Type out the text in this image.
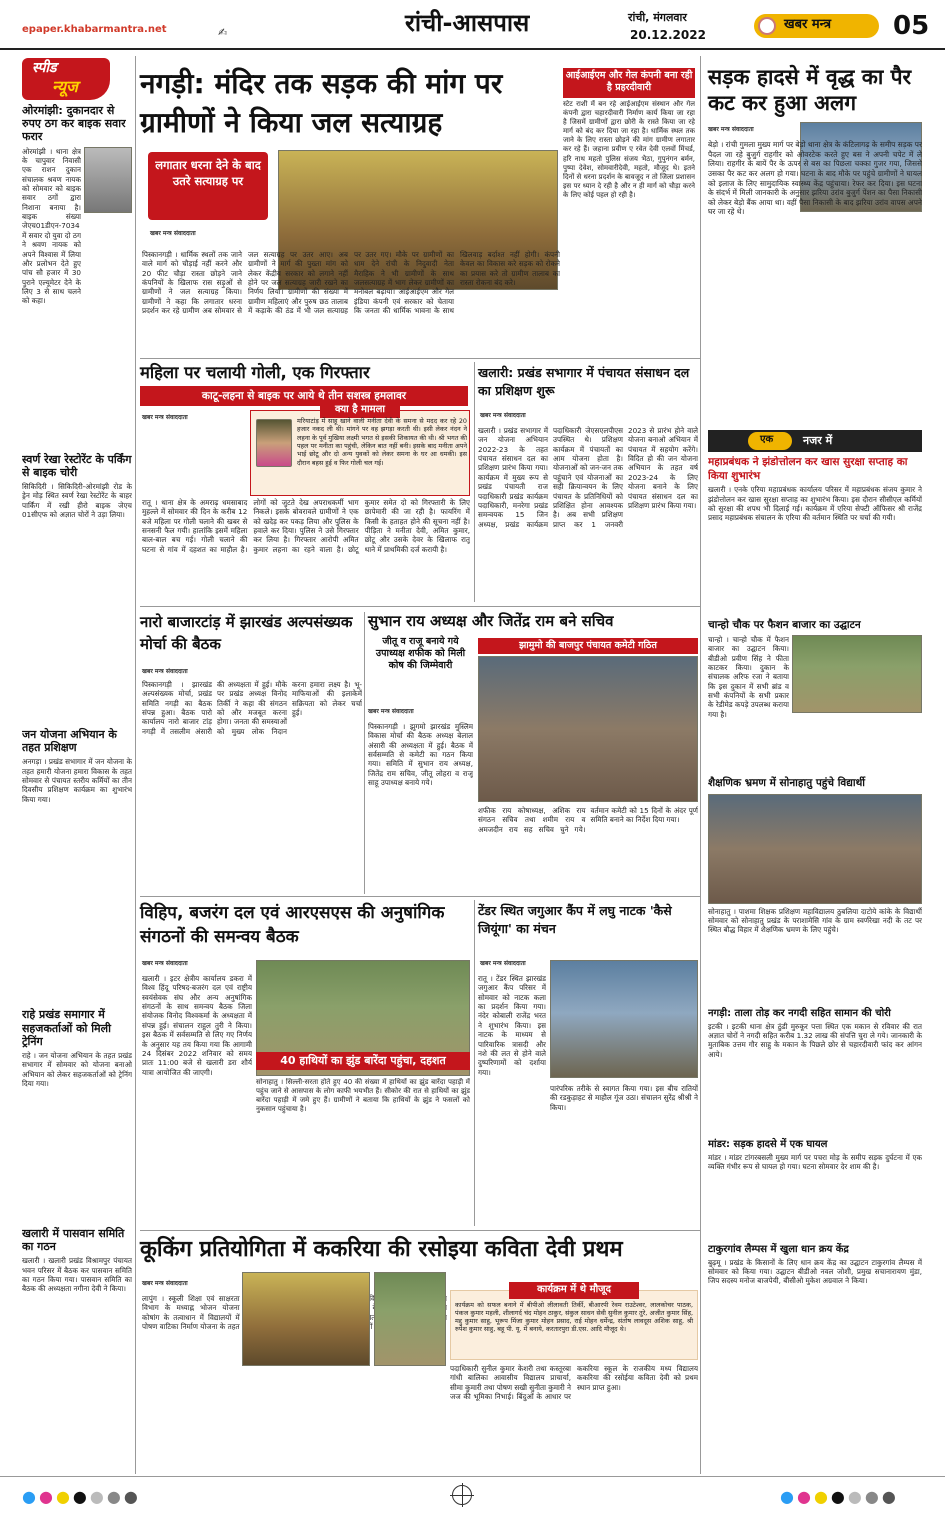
epaper.khabarmantra.net	✍	रांची-आसपास	रांची, मंगलवार
20.12.2022
खबर मन्त्र 05
स्पीड
न्यूज
ओरमांझी: दुकानदार से रुपए ठग कर बाइक सवार फरार
ओरमांझी । थाना क्षेत्र के चापुवार निवासी एक राशन दुकान संचालक श्रवण नायक को सोमवार को बाइक सवार ठगों द्वारा निशाना बनाया है। बाइक संख्या जेएच01डीएन-7034 में सवार दो युवा दो ठग ने श्रवण नायक को अपने विश्वास में लिया और प्रलोभन देते हुए पांच सौ हजार में 30 पुराने एल्यूमेटर देने के लिए 3 से साथ चलने को कहा।
स्वर्ण रेखा रेस्टोरेंट के पर्किंग से बाइक चोरी
सिकिदिरी । सिकिदिरी-ओरमांझी रोड के ड्रेन मोड़ स्थित स्वर्ण रेखा रेस्टोरेंट के बाहर पार्किंग में रखी हीरो बाइक जेएच 01सीएफ को अज्ञात चोरों ने उड़ा लिया।
जन योजना अभियान के तहत प्रशिक्षण
अनगड़ा । प्रखंड सभागार में जन योजना के तहत हमारी योजना हमारा विकास के तहत सोमवार से पंचायत स्तरीय कर्मियों का तीन दिवसीय प्रशिक्षण कार्यक्रम का शुभारंभ किया गया।
राहे प्रखंड समागार में सहजकर्ताओं को मिली ट्रेनिंग
राहे । जन योजना अभियान के तहत प्रखंड सभागार में सोमवार को योजना बनाओ अभियान को लेकर सहजकर्ताओं को ट्रेनिंग दिया गया।
खलारी में पासवान समिति का गठन
खलारी । खलारी प्रखंड विश्रामपुर पंचायत भवन परिसर में बैठक कर पासवान समिति का गठन किया गया। पासवान समिति का बैठक की अध्यक्षता नगीना देवी ने किया।
नगड़ी: मंदिर तक सड़क की मांग पर ग्रामीणों ने किया जल सत्याग्रह
लगातार धरना देने के बाद उतरे सत्याग्रह पर
खबर मन्त्र संवाददाता
पिस्कानगड़ी । धार्मिक स्थलों तक जाने वाले मार्ग को चौड़ाई नहीं करने और 20 फीट चौड़ा रास्ता छोड़ने जाने कंपनियों के खिलाफ रास सड़ुओं से ग्रामीणों ने जल सत्याग्रह किया। ग्रामीणों ने कहा कि लगातार धरना प्रदर्शन कर रहे ग्रामीण अब सोमवार से जल सत्याग्रह पर उतर आए। अब ग्रामीणों ने मार्ग की पुख्ता मांग को लेकर केंद्रीय सरकार को लगाने नहीं होने पर जल सत्याग्रह जारी रखने का निर्णय लिया। ग्रामीणों की संख्या में ग्रामीण महिलाएं और पुरुष छठ तालाब में कड़ाके की ठंड में भी जल सत्याग्रह पर उतर गए। मौके पर ग्रामीणों का धाम देने रांची के निदुवादी नेता मैराहिक ने भी ग्रामीणों के साथ जलसत्याग्रह में भाग लेकर ग्रामीणों का मनोबल बढ़ाया। आईआईएम और गेल इंडिया कंपनी एवं सरकार को चेताया कि जनता की धार्मिक भावना के साथ खिलवाड़ बर्दाश्त नहीं होगी। कंपनी केवल का विकास करे सड़क को रोकने का प्रयास करे तो ग्रामीण तालाब का रास्ता रोकना बंद करे।
आईआईएम और गेल कंपनी बना रही है प्रहरदीवारी
स्टेट राशी में बन रहे आईआईएम संस्थान और गेल कंपनी द्वारा चहारदीवारी निर्माण कार्य किया जा रहा है जिसमें ग्रामीणों द्वारा छोरी के रास्ते किया जा रहे मार्ग को बंद कर दिया जा रहा है। धार्मिक स्थल तक जाने के लिए रास्ता छोड़ने की मांग ग्रामीण लगातार कर रहे हैं। जहाना प्रवीण ए रवेत देवी एलवों मिंचर्ड, हरि नाथ महतो पुलिस संजय भैठा, गुपुनंगन बर्मन, पुष्पा देवेश, सोमवारीदेवी, महतो, मौजूद थे। इतने दिनों से धरना प्रदर्शन के बावजूद न तो जिला प्रशासन इस पर ध्यान दे रही है और न ही मार्ग को चौड़ा करने के लिए कोई पहल हो रही है।
सड़क हादसे में वृद्ध का पैर कट कर हुआ अलग
खबर मन्त्र संवाददाता
बेड़ो । रांची गुमला मुख्य मार्ग पर बेड़ो थाना क्षेत्र के कंटिलागढ़ के समीप सड़क पर पैदल जा रहे बुजुर्ग राहगीर को ओवरटेक करते हुए बस ने अपनी चपेट में ले लिया। राहगीर के बायें पैर के ऊपर से बस का पिछला चक्का गुजर गया, जिससे उसका पैर कट कर अलग हो गया। घटना के बाद मौके पर पहुंचे ग्रामीणों ने घायल को इलाज के लिए सामुदायिक स्वास्थ्य केंद्र पहुंचाया। रेफर कर दिया। इस घटना के संदर्भ में मिली जानकारी के अनुसार झरिया उरांव बुजुर्ग पेंशन का पैसा निकासी को लेकर बेड़ो बैंक आया था। वहीं पैसा निकासी के बाद झरिया उरांव वापस अपने घर जा रहे थे।
महिला पर चलायी गोली, एक गिरफ्तार
काटू-लहना से बाइक पर आये थे तीन सशस्त्र हमलावर
खबर मन्त्र संवाददाता
क्या है मामला
मरियाटांड़ में साहू खाने वाली मनीता देवी के समना से मदद कर रहे 20 हजार नकद ली थी। मांगने पर वह झगड़ा करती थी। इसी लेकर नंदन ने लहना के पूर्व मुखिया लक्ष्मी भगत से इसकी शिकायत की थी। श्री भगत की पहल पर मनीता का पहुंची, लेकिन बात नहीं बनी। इसके बाद मनीता अपने भाई छोटू और दो अन्य युवकों को लेकर समना के घर आ धमकी। इस दौरान बहस हुई व फिर गोली चल गई।
रातू । थाना क्षेत्र के अमराढ़ धमसाबाद मुहल्ले में सोमवार की दिन के करीब 12 बजे महिला पर गोली चलाने की खबर से सनसनी फैल गयी। हालांकि इसमें महिला बाल-बाल बच गई। गोली चलाने की घटना से गांव में दहशत का माहौल है। लोगों को जुटते देख अपराधकर्मी भाग निकले। इसके बोवरावले ग्रामीणों ने एक को खदेड़ कर पकड़ लिया और पुलिस के हवाले कर दिया। पुलिस ने उसे गिरफ्तार कर लिया है। गिरफ्तार आरोपी अमित कुमार लहना का रहने वाला है। छोटू कुमार समेत दो को गिरफ्तारी के लिए छापेमारी की जा रही है। फायरिंग में किसी के हताहत होने की सूचना नहीं है। पीड़िता ने मनीता देवी, अमित कुमार, छोटू और उसके देवर के खिलाफ रातू थाने में प्राथमिकी दर्ज करायी है।
खलारी: प्रखंड सभागार में पंचायत संसाधन दल का प्रशिक्षण शुरू
खबर मन्त्र संवाददाता
खलारी । प्रखंड सभागार में जन योजना अभियान 2022-23 के तहत पंचायत संसाधन दल का प्रशिक्षण प्रारंभ किया गया। कार्यक्रम में मुख्य रूप से प्रखंड पंचायती राज पदाधिकारी प्रखंड कार्यक्रम पदाधिकारी, मनरेगा प्रखंड समन्वयक 15 जिन अध्यक्ष, प्रखंड कार्यक्रम पदाधिकारी जेएसएलपीएस उपस्थित थे। प्रशिक्षण कार्यक्रम में पंचायतों का आम योजना होता है। योजनाओं को जन-जन तक पहुंचाने एवं योजनाओं का सही क्रियान्वयन के लिए पंचायत के प्रतिनिधियों को प्रशिक्षित होना आवश्यक है। अब सभी प्रशिक्षण प्राप्त कर 1 जनवरी 2023 से प्रारंभ होने वाले योजना बनाओ अभियान में पंचायत में सहयोग करेंगे। विदित हो की जन योजना अभियान के तहत वर्ष 2023-24 के लिए योजना बनाने के लिए पंचायत संसाधन दल का प्रशिक्षण प्रारंभ किया गया।
एक	नजर में
महाप्रबंधक ने झंडोत्तोलन कर खास सुरक्षा सप्ताह का किया शुभारंभ
खलारी । एनके एरिया महाप्रबंधक कार्यालय परिसर में महाप्रबंधक संजय कुमार ने झंडोत्तोलन कर खास सुरक्षा सप्ताह का शुभारंभ किया। इस दौरान सीसीएल कर्मियों को सुरक्षा की शपथ भी दिलाई गई। कार्यक्रम में एरिया सेफ्टी ऑफिसर श्री राजेंद्र प्रसाद महाप्रबंधक संचालन के एरिया की वर्तमान स्थिति पर चर्चा की गयी।
चान्हो चौक पर फैशन बाजार का उद्घाटन
चान्हो । चान्हो चौक में फैशन बाजार का उद्घाटन किया। बीडीओ प्रवीण सिंह ने फीता काटकर किया। दुकान के संचालक अरिफ रजा ने बताया कि इस दुकान में सभी ब्रांड व सभी कंपनियों के सभी प्रकार के रेडीमेड कपड़े उपलब्ध कराया गया है।
शैक्षणिक भ्रमण में सोनाहातु पहुंचे विद्यार्थी
सोनाहातु । पाशमा शिक्षक प्रशिक्षण महाविद्यालय ठुबलिया दाटोये कांके के विद्यार्थी सोमवार को सोनाहातु प्रखंड के पराशामेसि गांव के ग्राम स्वर्णरेखा नदी के तट पर स्थित बौद्ध विहार में शैक्षणिक भ्रमण के लिए पहुंचे।
नगड़ी: ताला तोड़ कर नगदी सहित सामान की चोरी
इटकी । इटकी थाना क्षेत्र ठुंडी मुरुकूर पत्ता स्थित एक मकान से रविवार की रात अज्ञात चोरों ने नगदी सहित करीब 1.32 लाख की संपत्ति चुरा ले गये। जानकारी के मुताबिक उत्तम गौर साहु के मकान के पिछले छोर से चहारदीवारी फांद कर आंगन आये।
मांडर: सड़क हादसे में एक घायल
मांडर । मांडर टांगरबसली मुख्य मार्ग पर पचरा मोड़ के समीप सड़क दुर्घटना में एक व्यक्ति गंभीर रूप से घायल हो गया। घटना सोमवार देर शाम की है।
टाकुरगांव लैम्पस में खुला धान क्रय केंद्र
बुढ़मू । प्रखंड के किसानों के लिए धान क्रय केंद्र का उद्घाटन टाकुरगांव लैम्पस में सोमवार को किया गया। उद्घाटन बीडीओ नवल जोशी, प्रमुख सचानारायण मुंडा, जिप सदस्य मनोज बाजपेयी, बीसीओ मुकेश अग्रवाल ने किया।
नारो बाजारटांड़ में झारखंड अल्पसंख्यक मोर्चा की बैठक
खबर मन्त्र संवाददाता
पिस्कानगड़ी । झारखंड अल्पसंख्यक मोर्चा, प्रखंड समिति नगड़ी का बैठक संपन्न हुआ। बैठक पारो कार्यालय नारो बाजार टांड़ नगड़ी में तसलीम अंसारी की अध्यक्षता में हुई। मौके पर प्रखंड अध्यक्ष विनोद तिर्की ने कहा की संगठन को और मजबूत करना होगा। जनता की समस्याओं को मुख्य लोक निदान करना हमारा लक्ष्य है। भू-माफियाओं की इलाकेमें सक्रियता को लेकर चर्चा हुई।
सुभान राय अध्यक्ष और जितेंद्र राम बने सचिव
जीतू व राजू बनाये गये उपाध्यक्ष शफीक को मिली कोष की जिम्मेवारी
खबर मन्त्र संवाददाता
पिस्कानगड़ी । झुगमो झारखंड मुस्लिम विकास मोर्चा की बैठक अध्यक्ष बेलाल अंसारी की अध्यक्षता में हुई। बैठक में सर्वसम्मति से कमेटी का गठन किया गया। समिति में सुभान राय अध्यक्ष, जितेंद्र राम सचिव, जीतू लोहरा व राजू साहू उपाध्यक्ष बनाये गये।
झामुमो की बाजपुर पंचायत कमेटी गठित
शफीक राय कोषाध्यक्ष, अशिक राय संगठन सचिव तथा शमीम राय व अमजदीन राय सह सचिव चुने गये। वर्तमान कमेटी को 15 दिनों के अंदर पूर्ण समिति बनाने का निर्देश दिया गया।
विहिप, बजरंग दल एवं आरएसएस की अनुषांगिक संगठनों की समन्वय बैठक
खबर मन्त्र संवाददाता
खलारी । इटर क्षेत्रीय कार्यालय डकरा में विश्व हिंदू परिषद-बजरंग दल एवं राष्ट्रीय स्वयंसेवक संघ और अन्य अनुषांगिक संगठनों के साथ समन्वय बैठक जिला संयोजक विनोद विश्वकर्मा के अध्यक्षता में संपन्न हुई। संचालन राहुल तुरी ने किया। इस बैठक में सर्वसम्मति से लिए गए निर्णय के अनुसार यह तय किया गया कि आगामी 24 दिसंबर 2022 शनिवार को समय प्रातः 11:00 बजे से खलारी डरा शौर्य यात्रा आयोजित की जाएगी।
40 हाथियों का झुंड बारेंदा पहुंचा, दहशत
सोनाहातु । सिल्ली-सरता होते हुए 40 की संख्या में हाथियों का झुंड बारेंदा पहाड़ी में पहुंच जाने से आसपास के लोग काफी भयभीत हैं। सीकोर की रात से हाथियों का झुंड बारेंदा पहाड़ी में जमे हुए हैं। ग्रामीणों ने बताया कि हाथियों के झुंड ने फसलों को नुकसान पहुंचाया है।
टेंडर स्थित जगुआर कैंप में लघु नाटक 'कैसे जियूंगा' का मंचन
खबर मन्त्र संवाददाता
रातू । टेंडर स्थित झारखंड जगुआर कैंप परिसर में सोमवार को नाटक कला का प्रदर्शन किया गया। नंदेर कोबाली राजेंद्र भरत ने शुभारंभ किया। इस नाटक के माध्यम से पारिवारिक त्रासदी और नशे की लत से होने वाले दुष्परिणामों को दर्शाया गया।
पारंपरिक तरीके से स्वागत किया गया। इस बीच रातियों की रडकुड़ाहट से माहौल गूंज उठा। संचालन सुरेंद्र श्रीश्री ने किया।
कूकिंग प्रतियोगिता में ककरिया की रसोइया कविता देवी प्रथम
खबर मन्त्र संवाददाता
लापुंग । स्कूली शिक्षा एवं साक्षरता विभाग के मध्याह्न भोजन योजना कोषांग के तत्वाधान में विद्यालयों में पोषण वाटिका निर्माण योजना के तहत
कार्यक्रम में थे मौजूद
कार्यक्रम को सफल बनाने में बीपीओ लीलावती तिर्की, बीआरपी रेवम राउटेश्वर, लालकोचर पाठक, पंकज कुमार महली, शीलागर्द चंद मोहन ठाकुर, संकुल साधन सेवी सुनील कुमार तुरे, अजीत कुमार सिंह, मद्दु कुमार साहु, भूरूप मिंजा कुमार मोहन प्रसाद, राई मोहन धर्मेन्द्र, संतोष लावदूस अशिक साहू, श्री रुपेश कुमार साहु, बहू पी. यू. में बनाये, करतारपुरा डी.एस. आदि मौजूद थे।
पदाधिकारी सुनील कुमार केशरी तथा कस्तूरबा गांधी बालिका आवासीय विद्यालय प्राचार्या, सीमा कुमारी तथा पोषण सखी सुनीता कुमारी ने जज की भूमिका निभाई। बिंदुओं के आधार पर ककरिया स्कूल के राजकीय मध्य विद्यालय ककरिया की रसोईया कविता देवी को प्रथम स्थान प्राप्त हुआ।
●●●●●●●	●●●●●●●
